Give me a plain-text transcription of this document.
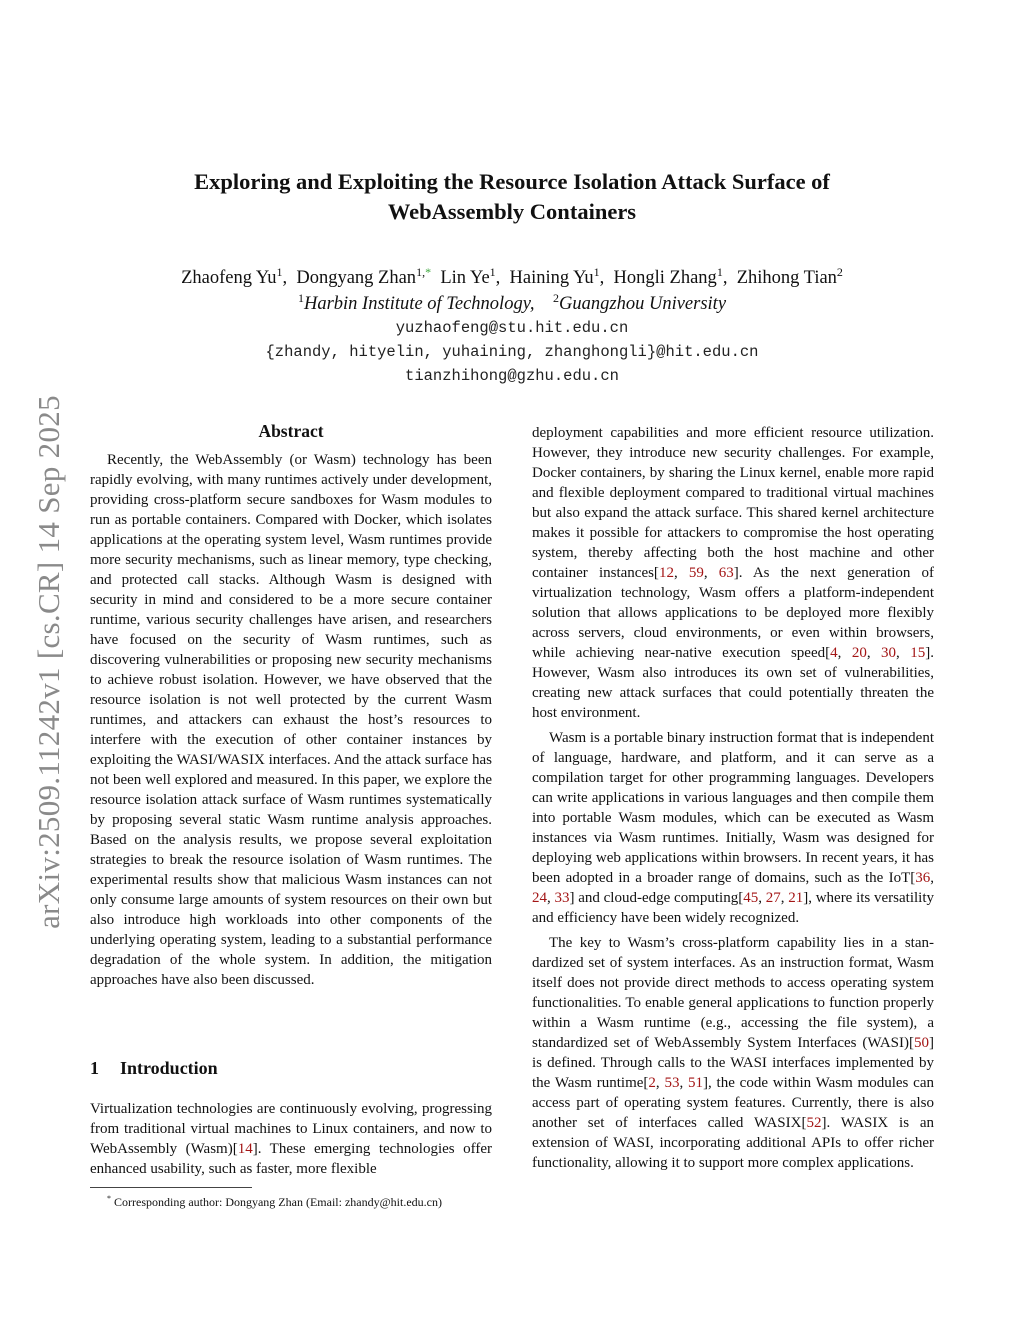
arXiv:2509.11242v1 [cs.CR] 14 Sep 2025
Exploring and Exploiting the Resource Isolation Attack Surface of
WebAssembly Containers
Zhaofeng Yu$^1$,  Dongyang Zhan$^{1,*}$ Lin Ye$^1$,  Haining Yu$^1$,  Hongli Zhang$^1$,  Zhihong Tian$^2$
$^1$Harbin Institute of Technology, $^2$Guangzhou University
yuzhaofeng@stu.hit.edu.cn
{zhandy, hityelin, yuhaining, zhanghongli}@hit.edu.cn
tianzhihong@gzhu.edu.cn
Abstract

Recently, the WebAssembly (or Wasm) technology has been rapidly evolving, with many runtimes actively under development, providing cross-platform secure sandboxes for Wasm modules to run as portable containers. Compared with Docker, which isolates applications at the operating system level, Wasm runtimes provide more security mechanisms, such as linear memory, type checking, and protected call stacks. Although Wasm is designed with security in mind and considered to be a more secure container runtime, various security challenges have arisen, and researchers have focused on the security of Wasm runtimes, such as discovering vulnerabilities or proposing new security mechanisms to achieve robust isolation. However, we have observed that the resource isolation is not well protected by the current Wasm runtimes, and attackers can exhaust the host’s resources to interfere with the execution of other container instances by exploiting the WASI/WASIX interfaces. And the attack surface has not been well explored and measured. In this paper, we explore the resource isolation attack surface of Wasm runtimes systematically by proposing several static Wasm runtime analysis approaches. Based on the analysis results, we propose several exploitation strategies to break the resource isolation of Wasm runtimes. The experimental results show that malicious Wasm instances can not only consume large amounts of system resources on their own but also introduce high workloads into other components of the underlying operating system, leading to a substantial performance degradation of the whole system. In addition, the mitigation approaches have also been discussed.

1 Introduction

Virtualization technologies are continuously evolving, progressing from traditional virtual machines to Linux containers, and now to WebAssembly (Wasm)[14]. These emerging technologies offer enhanced usability, such as faster, more flexible

* Corresponding author: Dongyang Zhan (Email: zhandy@hit.edu.cn)

deployment capabilities and more efficient resource utilization. However, they introduce new security challenges. For example, Docker containers, by sharing the Linux kernel, enable more rapid and flexible deployment compared to traditional virtual machines but also expand the attack surface. This shared kernel architecture makes it possible for attackers to compromise the host operating system, thereby affecting both the host machine and other container instances[12, 59, 63]. As the next generation of virtualization technology, Wasm offers a platform-independent solution that allows applications to be deployed more flexibly across servers, cloud environments, or even within browsers, while achieving near-native execution speed[4, 20, 30, 15]. However, Wasm also introduces its own set of vulnerabilities, creating new attack surfaces that could potentially threaten the host environment.

Wasm is a portable binary instruction format that is independent of language, hardware, and platform, and it can serve as a compilation target for other programming languages. Developers can write applications in various languages and then compile them into portable Wasm modules, which can be executed as Wasm instances via Wasm runtimes. Initially, Wasm was designed for deploying web applications within browsers. In recent years, it has been adopted in a broader range of domains, such as the IoT[36, 24, 33] and cloud-edge computing[45, 27, 21], where its versatility and efficiency have been widely recognized.

The key to Wasm’s cross-platform capability lies in a standardized set of system interfaces. As an instruction format, Wasm itself does not provide direct methods to access operating system functionalities. To enable general applications to function properly within a Wasm runtime (e.g., accessing the file system), a standardized set of WebAssembly System Interfaces (WASI)[50] is defined. Through calls to the WASI interfaces implemented by the Wasm runtime[2, 53, 51], the code within Wasm modules can access part of operating system features. Currently, there is also another set of interfaces called WASIX[52]. WASIX is an extension of WASI, incorporating additional APIs to offer richer functionality, allowing it to support more complex applications.
